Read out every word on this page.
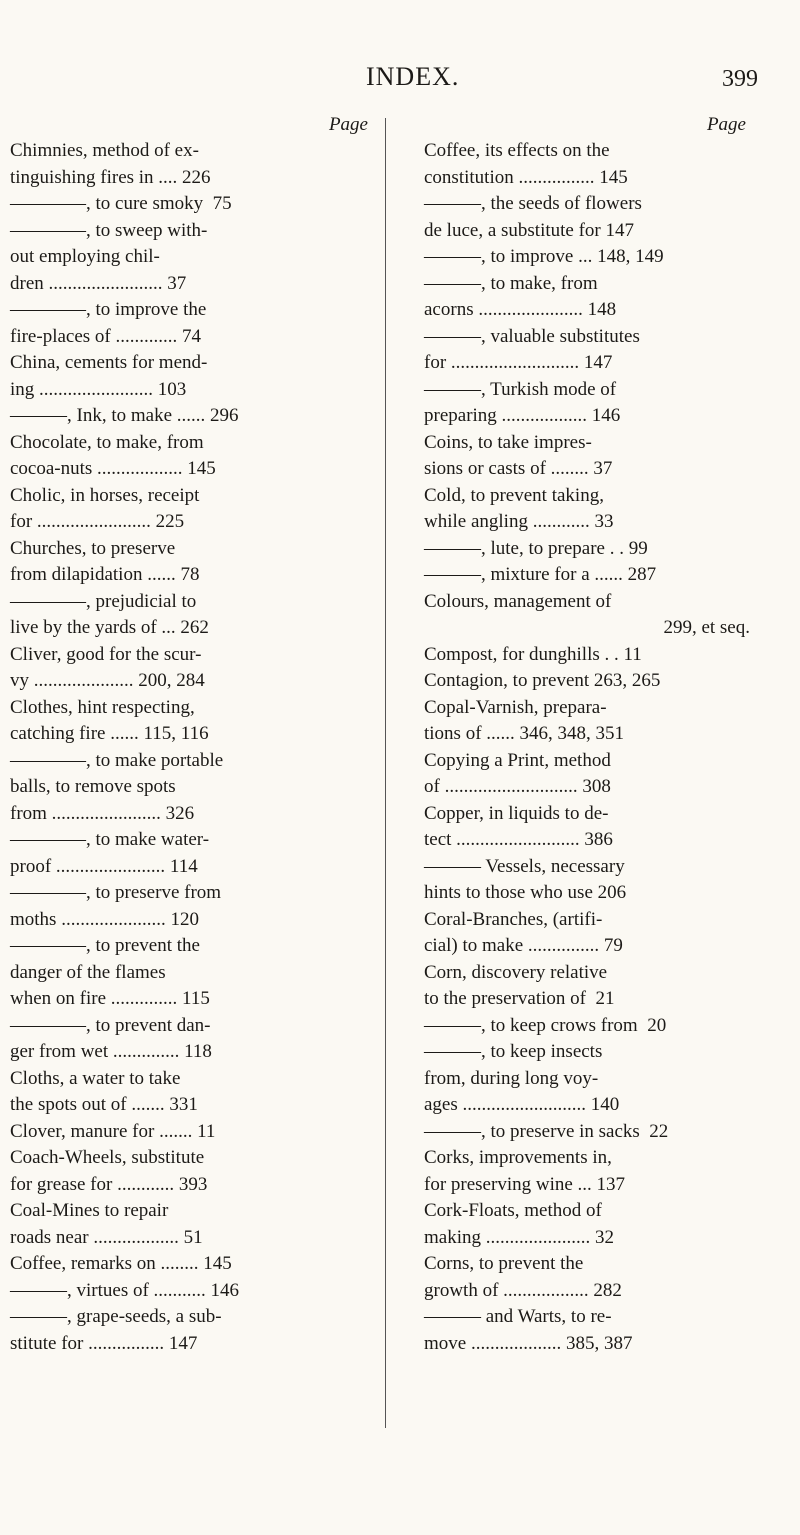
INDEX.	399
Page
Chimnies, method of ex-
tinguishing fires in .... 226
————, to cure smoky  75
————, to sweep with-
out employing chil-
dren ........................ 37
————, to improve the
fire-places of ............. 74
China, cements for mend-
ing ........................ 103
———, Ink, to make ...... 296
Chocolate, to make, from
cocoa-nuts .................. 145
Cholic, in horses, receipt
for ........................ 225
Churches, to preserve
from dilapidation ...... 78
————, prejudicial to
live by the yards of ... 262
Cliver, good for the scur-
vy ..................... 200, 284
Clothes, hint respecting,
catching fire ...... 115, 116
————, to make portable
balls, to remove spots
from ....................... 326
————, to make water-
proof ....................... 114
————, to preserve from
moths ...................... 120
————, to prevent the
danger of the flames
when on fire .............. 115
————, to prevent dan-
ger from wet .............. 118
Cloths, a water to take
the spots out of ....... 331
Clover, manure for ....... 11
Coach-Wheels, substitute
for grease for ............ 393
Coal-Mines to repair
roads near .................. 51
Coffee, remarks on ........ 145
———, virtues of ........... 146
———, grape-seeds, a sub-
stitute for ................ 147
Page
Coffee, its effects on the
constitution ................ 145
———, the seeds of flowers
de luce, a substitute for 147
———, to improve ... 148, 149
———, to make, from
acorns ...................... 148
———, valuable substitutes
for ........................... 147
———, Turkish mode of
preparing .................. 146
Coins, to take impres-
sions or casts of ........ 37
Cold, to prevent taking,
while angling ............ 33
———, lute, to prepare . . 99
———, mixture for a ...... 287
Colours, management of
299, et seq.
Compost, for dunghills . . 11
Contagion, to prevent 263, 265
Copal-Varnish, prepara-
tions of ...... 346, 348, 351
Copying a Print, method
of ............................ 308
Copper, in liquids to de-
tect .......................... 386
——— Vessels, necessary
hints to those who use 206
Coral-Branches, (artifi-
cial) to make ............... 79
Corn, discovery relative
to the preservation of  21
———, to keep crows from  20
———, to keep insects
from, during long voy-
ages .......................... 140
———, to preserve in sacks  22
Corks, improvements in,
for preserving wine ... 137
Cork-Floats, method of
making ...................... 32
Corns, to prevent the
growth of .................. 282
——— and Warts, to re-
move ................... 385, 387
